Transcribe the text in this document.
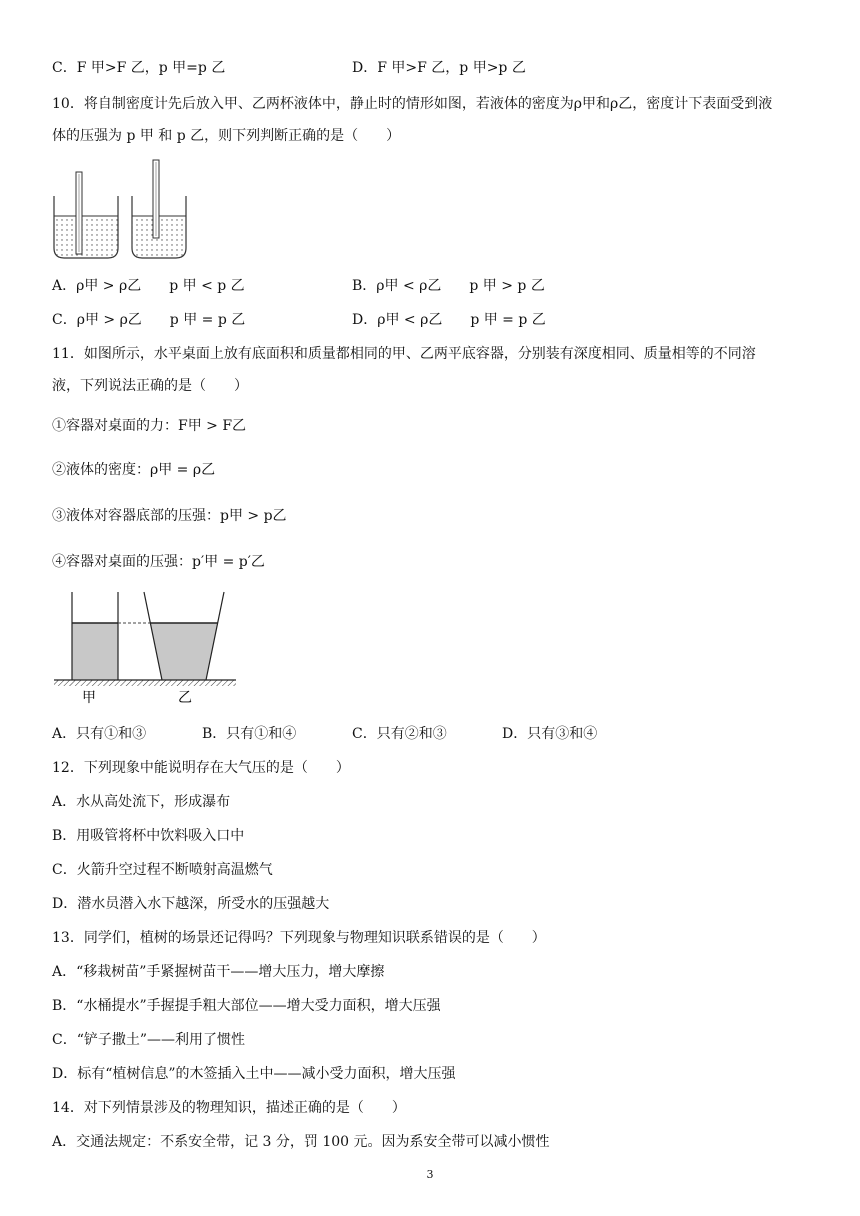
C．F 甲>F 乙，p 甲=p 乙	D．F 甲>F 乙，p 甲>p 乙
10．将自制密度计先后放入甲、乙两杯液体中，静止时的情形如图，若液体的密度为ρ甲和ρ乙，密度计下表面受到液
体的压强为 p 甲 和 p 乙，则下列判断正确的是（　　）
A．ρ甲 > ρ乙　　p 甲 < p 乙	B．ρ甲 < ρ乙　　p 甲 > p 乙
C．ρ甲 > ρ乙　　p 甲 = p 乙	D．ρ甲 < ρ乙　　p 甲 = p 乙
11．如图所示，水平桌面上放有底面积和质量都相同的甲、乙两平底容器，分别装有深度相同、质量相等的不同溶
液，下列说法正确的是（　　）
①容器对桌面的力：F甲 > F乙
②液体的密度：ρ甲 = ρ乙
③液体对容器底部的压强：p甲 > p乙
④容器对桌面的压强：p′甲 = p′乙
甲	乙
A．只有①和③	B．只有①和④	C．只有②和③	D．只有③和④
12．下列现象中能说明存在大气压的是（　　）
A．水从高处流下，形成瀑布
B．用吸管将杯中饮料吸入口中
C．火箭升空过程不断喷射高温燃气
D．潜水员潜入水下越深，所受水的压强越大
13．同学们，植树的场景还记得吗？下列现象与物理知识联系错误的是（　　）
A．“移栽树苗”手紧握树苗干——增大压力，增大摩擦
B．“水桶提水”手握提手粗大部位——增大受力面积，增大压强
C．“铲子撒土”——利用了惯性
D．标有“植树信息”的木签插入土中——减小受力面积，增大压强
14．对下列情景涉及的物理知识，描述正确的是（　　）
A．交通法规定：不系安全带，记 3 分，罚 100 元。因为系安全带可以减小惯性
3
